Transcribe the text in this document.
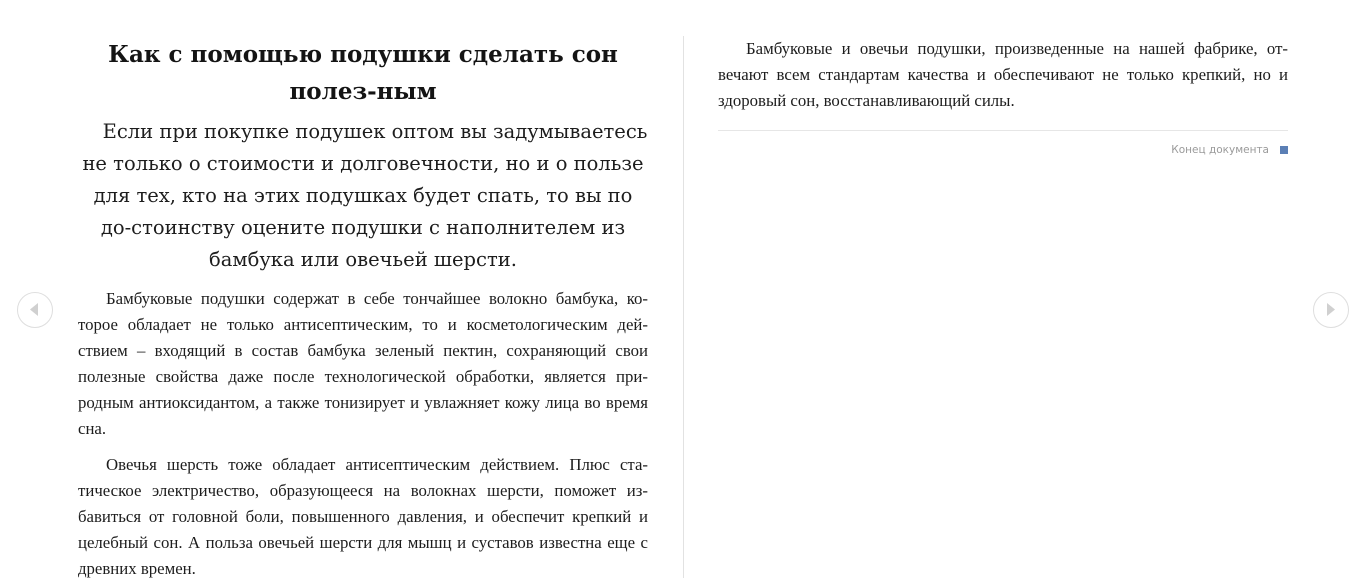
Как с помощью подушки сделать сон полез-ным

Если при покупке подушек оптом вы задумываетесь не только о стоимости и долговечности, но и о пользе для тех, кто на этих подушках будет спать, то вы по до-стоинству оцените подушки с наполнителем из бамбука или овечьей шерсти.

Бамбуковые подушки содержат в себе тончайшее волокно бамбука, ко-торое обладает не только антисептическим, то и косметологическим дей-ствием – входящий в состав бамбука зеленый пектин, сохраняющий свои полезные свойства даже после технологической обработки, является при-родным антиоксидантом, а также тонизирует и увлажняет кожу лица во время сна.

Овечья шерсть тоже обладает антисептическим действием. Плюс ста-тическое электричество, образующееся на волокнах шерсти, поможет из-бавиться от головной боли, повышенного давления, и обеспечит крепкий и целебный сон. А польза овечьей шерсти для мышц и суставов известна еще с древних времен.

Бамбуковые и овечьи подушки, произведенные на нашей фабрике, от-вечают всем стандартам качества и обеспечивают не только крепкий, но и здоровый сон, восстанавливающий силы.

Конец документа
